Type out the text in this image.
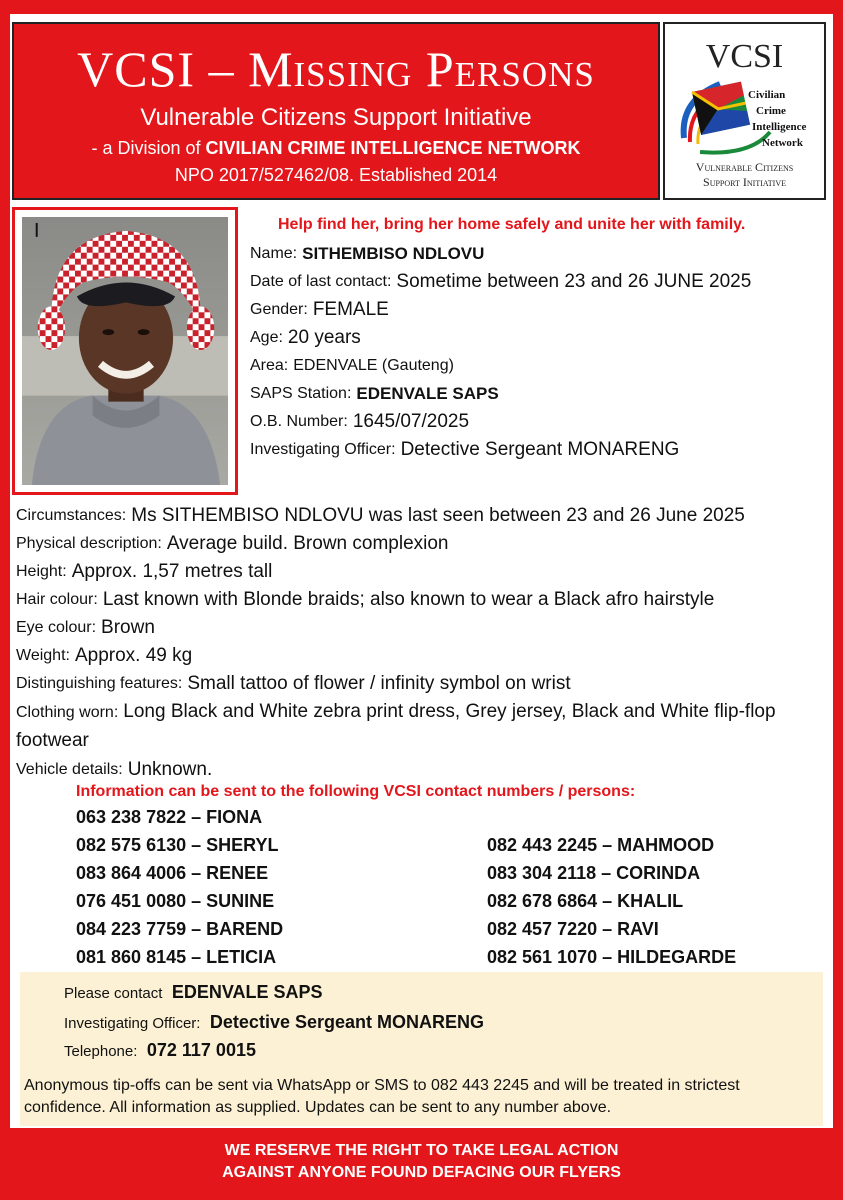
VCSI – Missing Persons
Vulnerable Citizens Support Initiative
- a Division of CIVILIAN CRIME INTELLIGENCE NETWORK
NPO 2017/527462/08. Established 2014
VCSI
Civilian
Crime
Intelligence
Network
Vulnerable Citizens
Support Initiative
Help find her, bring her home safely and unite her with family.
Name: SITHEMBISO NDLOVU
Date of last contact: Sometime between 23 and 26 JUNE 2025
Gender: FEMALE
Age: 20 years
Area: EDENVALE
(Gauteng)
SAPS Station: EDENVALE SAPS
O.B. Number: 1645/07/2025
Investigating Officer: Detective Sergeant MONARENG
Circumstances: Ms SITHEMBISO NDLOVU was last seen between 23 and 26 June 2025
Physical description: Average build. Brown complexion
Height: Approx. 1,57 metres tall
Hair colour: Last known with Blonde braids; also known to wear a Black afro hairstyle
Eye colour: Brown
Weight: Approx. 49 kg
Distinguishing features: Small tattoo of flower / infinity symbol on wrist
Clothing worn: Long Black and White zebra print dress, Grey jersey, Black and White flip-flop footwear
Vehicle details: Unknown.
Information can be sent to the following VCSI contact numbers / persons:
063 238 7822 – FIONA
082 575 6130 – SHERYL
083 864 4006 – RENEE
076 451 0080 – SUNINE
084 223 7759 – BAREND
081 860 8145 – LETICIA
082 443 2245 – MAHMOOD
083 304 2118 – CORINDA
082 678 6864 – KHALIL
082 457 7220 – RAVI
082 561 1070 – HILDEGARDE
Please contact EDENVALE SAPS
Investigating Officer: Detective Sergeant MONARENG
Telephone: 072 117 0015
Anonymous tip-offs can be sent via WhatsApp or SMS to 082 443 2245 and will be treated in strictest confidence. All information as supplied. Updates can be sent to any number above.
WE RESERVE THE RIGHT TO TAKE LEGAL ACTION
AGAINST ANYONE FOUND DEFACING OUR FLYERS
